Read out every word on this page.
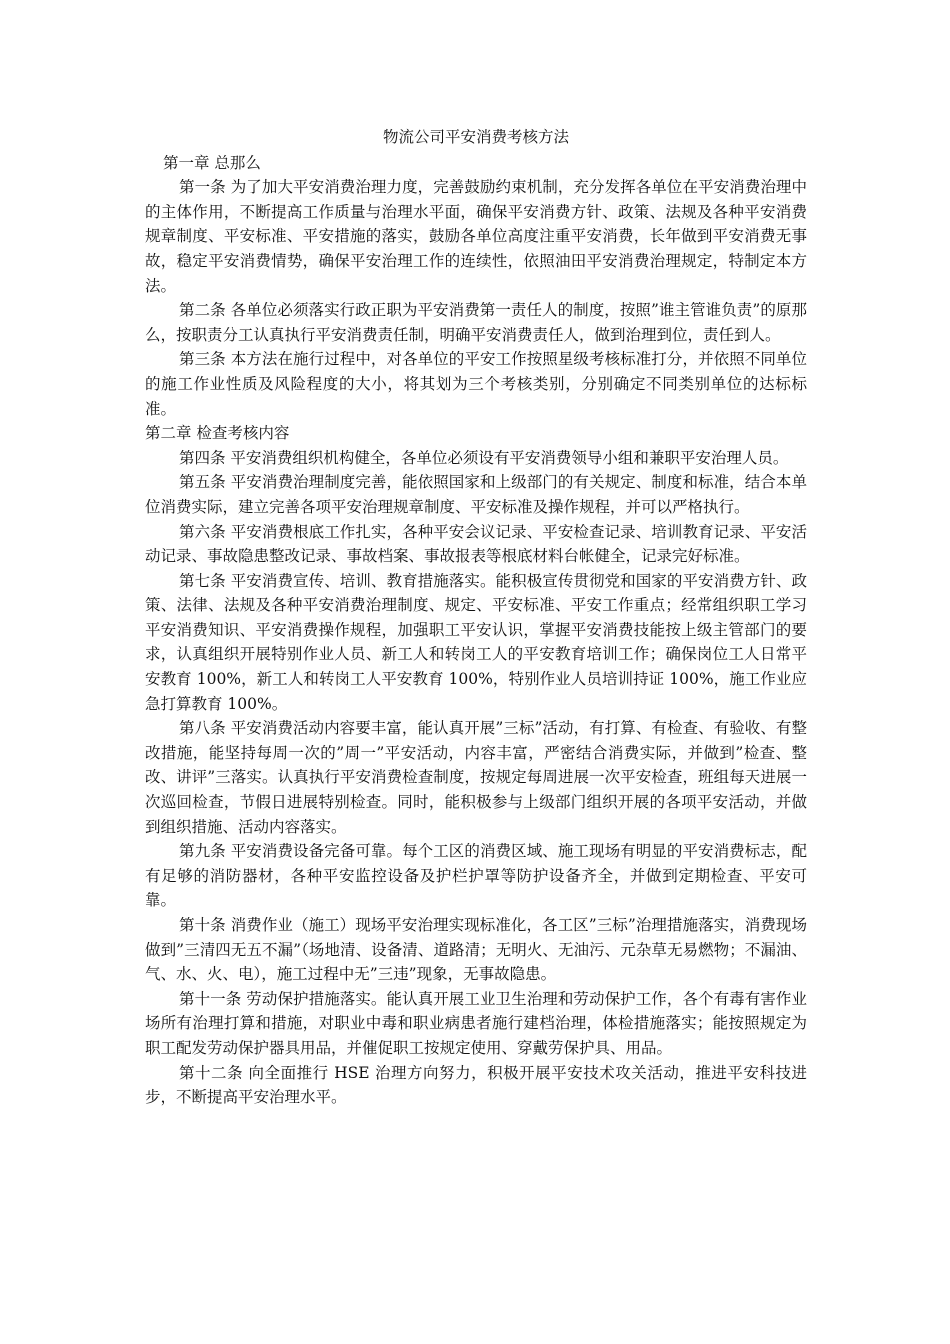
物流公司平安消费考核方法
第一章 总那么

第一条 为了加大平安消费治理力度，完善鼓励约束机制，充分发挥各单位在平安消费治理中的主体作用，不断提高工作质量与治理水平面，确保平安消费方针、政策、法规及各种平安消费规章制度、平安标准、平安措施的落实，鼓励各单位高度注重平安消费，长年做到平安消费无事故，稳定平安消费情势，确保平安治理工作的连续性，依照油田平安消费治理规定，特制定本方法。

第二条 各单位必须落实行政正职为平安消费第一责任人的制度，按照”谁主管谁负责”的原那么，按职责分工认真执行平安消费责任制，明确平安消费责任人，做到治理到位，责任到人。

第三条 本方法在施行过程中，对各单位的平安工作按照星级考核标准打分，并依照不同单位的施工作业性质及风险程度的大小，将其划为三个考核类别，分别确定不同类别单位的达标标准。

第二章 检查考核内容

第四条 平安消费组织机构健全，各单位必须设有平安消费领导小组和兼职平安治理人员。

第五条 平安消费治理制度完善，能依照国家和上级部门的有关规定、制度和标准，结合本单位消费实际，建立完善各项平安治理规章制度、平安标准及操作规程，并可以严格执行。

第六条 平安消费根底工作扎实，各种平安会议记录、平安检查记录、培训教育记录、平安活动记录、事故隐患整改记录、事故档案、事故报表等根底材料台帐健全，记录完好标准。

第七条 平安消费宣传、培训、教育措施落实。能积极宣传贯彻党和国家的平安消费方针、政策、法律、法规及各种平安消费治理制度、规定、平安标准、平安工作重点；经常组织职工学习平安消费知识、平安消费操作规程，加强职工平安认识，掌握平安消费技能按上级主管部门的要求，认真组织开展特别作业人员、新工人和转岗工人的平安教育培训工作；确保岗位工人日常平安教育 100%，新工人和转岗工人平安教育 100%，特别作业人员培训持证 100%，施工作业应急打算教育 100%。

第八条 平安消费活动内容要丰富，能认真开展”三标”活动，有打算、有检查、有验收、有整改措施，能坚持每周一次的”周一”平安活动，内容丰富，严密结合消费实际，并做到”检查、整改、讲评”三落实。认真执行平安消费检查制度，按规定每周进展一次平安检查，班组每天进展一次巡回检查，节假日进展特别检查。同时，能积极参与上级部门组织开展的各项平安活动，并做到组织措施、活动内容落实。

第九条 平安消费设备完备可靠。每个工区的消费区域、施工现场有明显的平安消费标志，配有足够的消防器材，各种平安监控设备及护栏护罩等防护设备齐全，并做到定期检查、平安可靠。

第十条 消费作业（施工）现场平安治理实现标准化，各工区”三标”治理措施落实，消费现场做到”三清四无五不漏”（场地清、设备清、道路清；无明火、无油污、元杂草无易燃物；不漏油、气、水、火、电），施工过程中无”三违”现象，无事故隐患。

第十一条 劳动保护措施落实。能认真开展工业卫生治理和劳动保护工作，各个有毒有害作业场所有治理打算和措施，对职业中毒和职业病患者施行建档治理，体检措施落实；能按照规定为职工配发劳动保护器具用品，并催促职工按规定使用、穿戴劳保护具、用品。

第十二条 向全面推行 HSE 治理方向努力，积极开展平安技术攻关活动，推进平安科技进步，不断提高平安治理水平。
